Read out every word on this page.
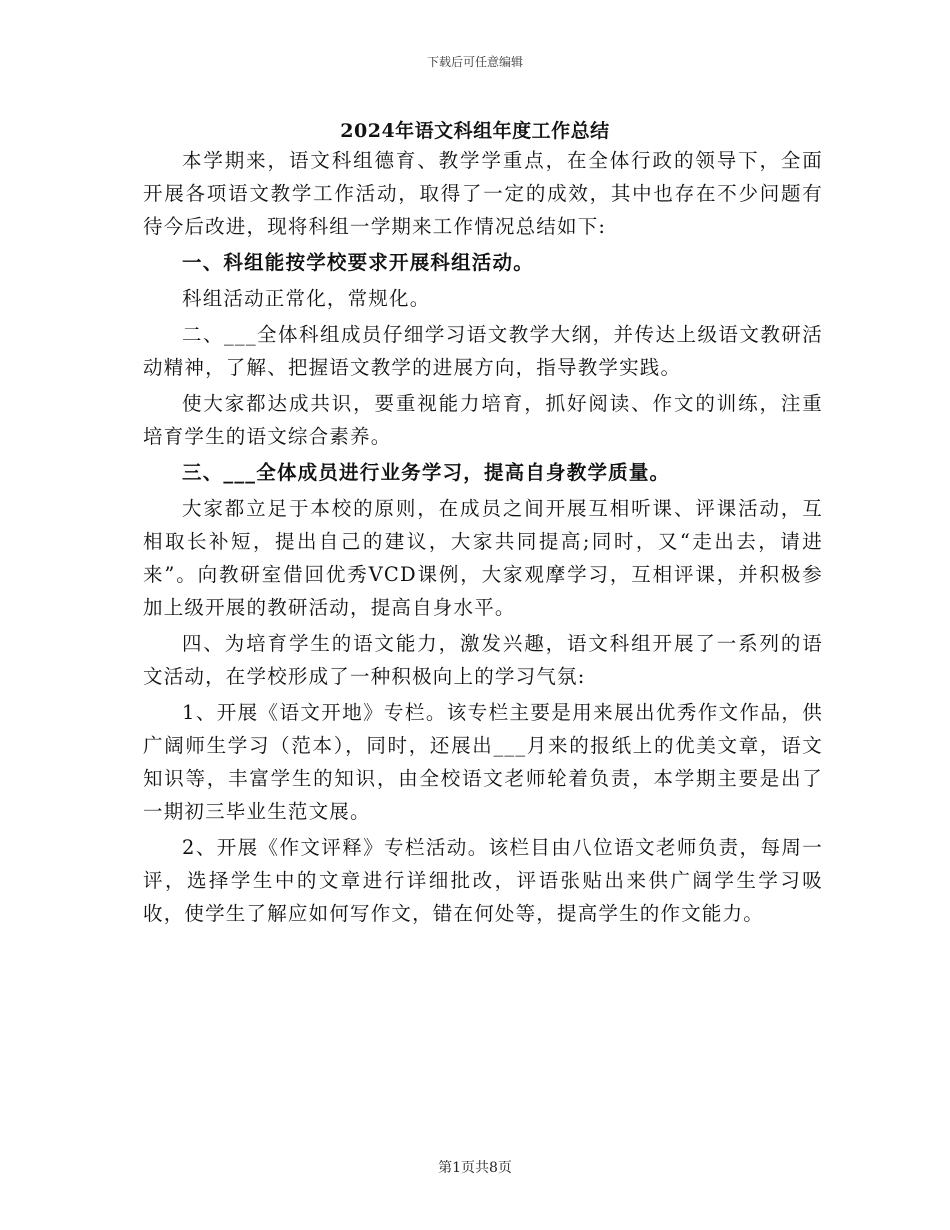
下载后可任意编辑
2024年语文科组年度工作总结

本学期来，语文科组德育、教学学重点，在全体行政的领导下，全面开展各项语文教学工作活动，取得了一定的成效，其中也存在不少问题有待今后改进，现将科组一学期来工作情况总结如下:

一、科组能按学校要求开展科组活动。

科组活动正常化，常规化。

二、___全体科组成员仔细学习语文教学大纲，并传达上级语文教研活动精神，了解、把握语文教学的进展方向，指导教学实践。

使大家都达成共识，要重视能力培育，抓好阅读、作文的训练，注重培育学生的语文综合素养。

三、___全体成员进行业务学习，提高自身教学质量。

大家都立足于本校的原则，在成员之间开展互相听课、评课活动，互相取长补短，提出自己的建议，大家共同提高;同时，又“走出去，请进来”。向教研室借回优秀VCD课例，大家观摩学习，互相评课，并积极参加上级开展的教研活动，提高自身水平。

四、为培育学生的语文能力，激发兴趣，语文科组开展了一系列的语文活动，在学校形成了一种积极向上的学习气氛:

1、开展《语文开地》专栏。该专栏主要是用来展出优秀作文作品，供广阔师生学习（范本），同时，还展出___月来的报纸上的优美文章，语文知识等，丰富学生的知识，由全校语文老师轮着负责，本学期主要是出了一期初三毕业生范文展。

2、开展《作文评释》专栏活动。该栏目由八位语文老师负责，每周一评，选择学生中的文章进行详细批改，评语张贴出来供广阔学生学习吸收，使学生了解应如何写作文，错在何处等，提高学生的作文能力。

第1页共8页
